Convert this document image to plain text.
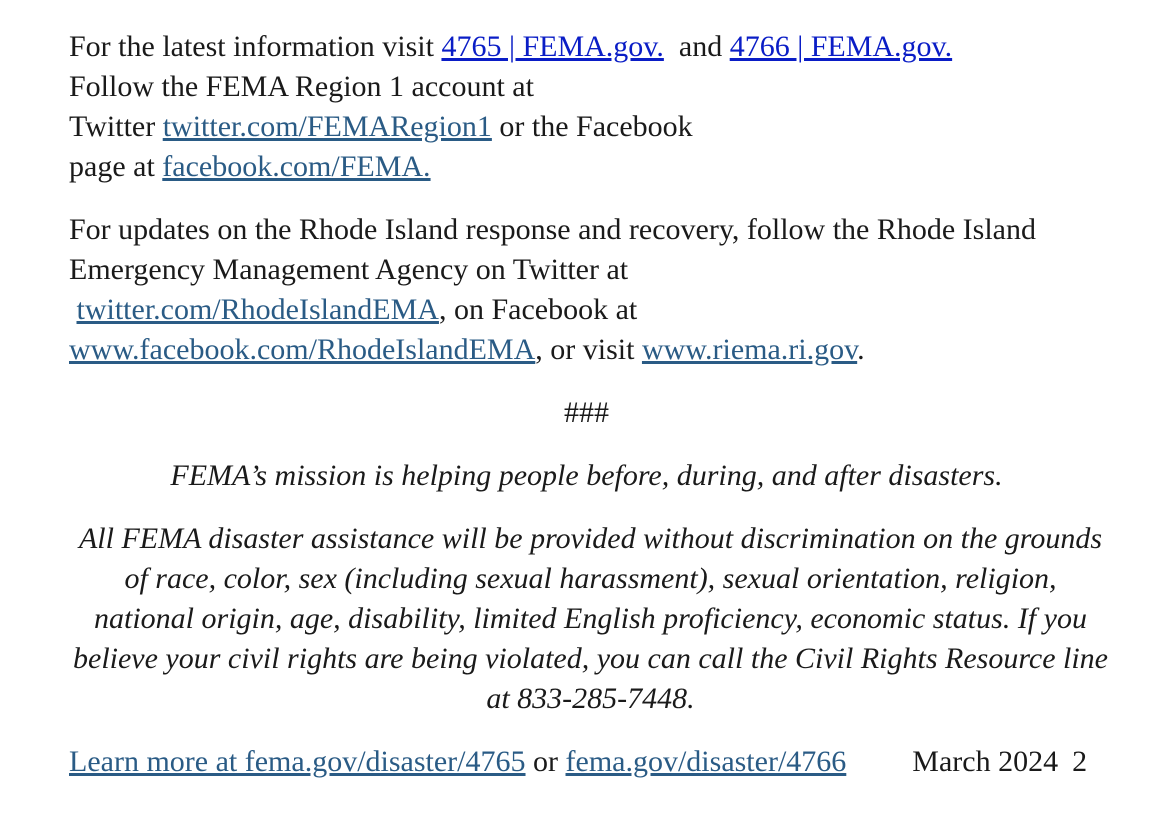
For the latest information visit 4765 | FEMA.gov.  and 4766 | FEMA.gov.
Follow the FEMA Region 1 account at
Twitter twitter.com/FEMARegion1 or the Facebook
page at facebook.com/FEMA.

For updates on the Rhode Island response and recovery, follow the Rhode Island Emergency Management Agency on Twitter at
twitter.com/RhodeIslandEMA, on Facebook at
www.facebook.com/RhodeIslandEMA, or visit www.riema.ri.gov.

###

FEMA’s mission is helping people before, during, and after disasters.

All FEMA disaster assistance will be provided without discrimination on the grounds of race, color, sex (including sexual harassment), sexual orientation, religion, national origin, age, disability, limited English proficiency, economic status. If you believe your civil rights are being violated, you can call the Civil Rights Resource line at 833-285-7448.

Learn more at fema.gov/disaster/4765 or fema.gov/disaster/4766 March 2024 2
